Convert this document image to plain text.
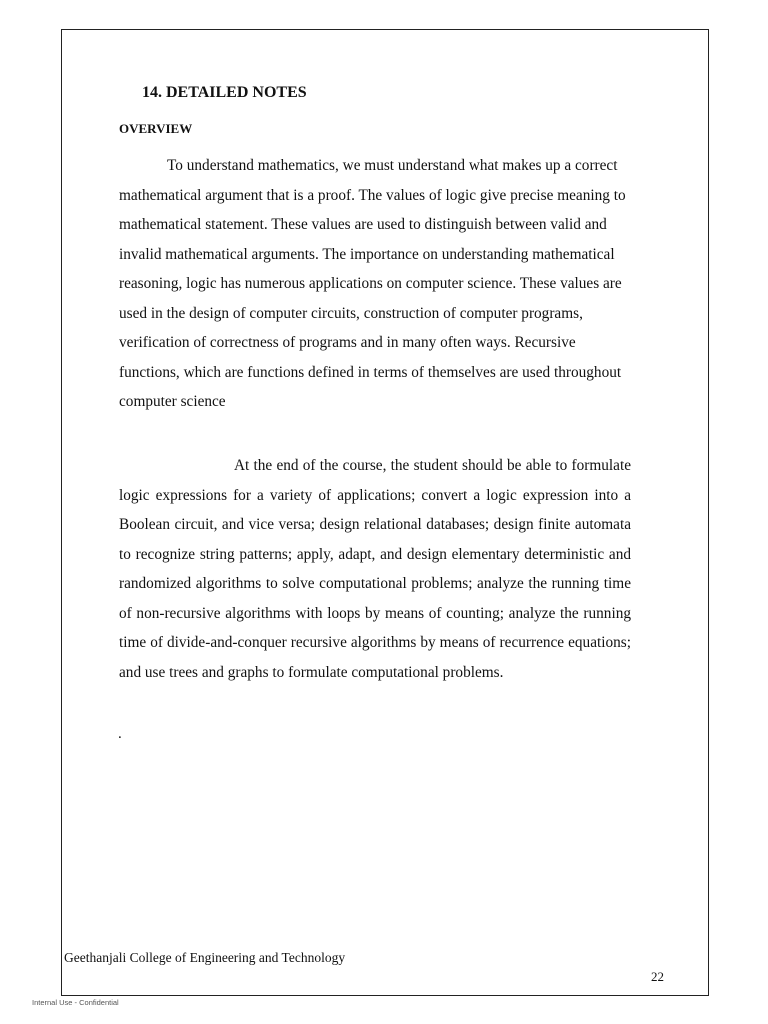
14. DETAILED NOTES
OVERVIEW

To understand mathematics, we must understand what makes up a correct mathematical argument that is a proof. The values of logic give precise meaning to mathematical statement. These values are used to distinguish between valid and invalid mathematical arguments. The importance on understanding mathematical reasoning, logic has numerous applications on computer science. These values are used in the design of computer circuits, construction of computer programs, verification of correctness of programs and in many often ways. Recursive functions, which are functions defined in terms of themselves are used throughout computer science

At the end of the course, the student should be able to formulate logic expressions for a variety of applications; convert a logic expression into a Boolean circuit, and vice versa; design relational databases; design finite automata to recognize string patterns; apply, adapt, and design elementary deterministic and randomized algorithms to solve computational problems; analyze the running time of non-recursive algorithms with loops by means of counting; analyze the running time of divide-and-conquer recursive algorithms by means of recurrence equations; and use trees and graphs to formulate computational problems.

.
Geethanjali College of Engineering and Technology
22
Internal Use - Confidential
